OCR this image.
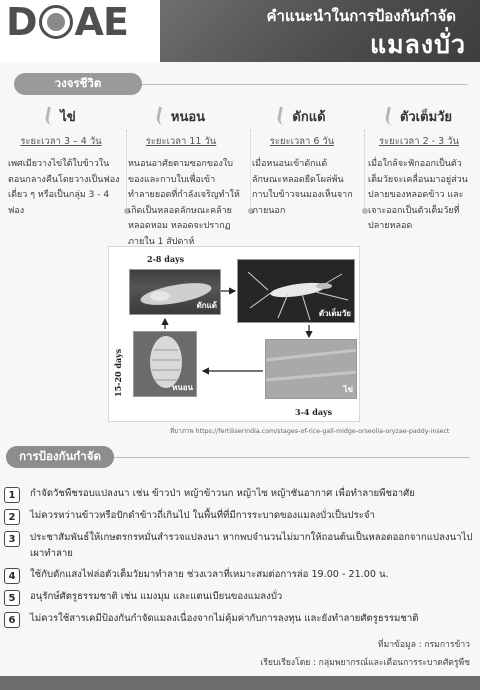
D AE	คำแนะนำในการป้องกันกำจัด
แมลงบั่ว
วงจรชีวิต
ไข่
ระยะเวลา 3 – 4 วัน
เพศเมียวางไข่ใต้ใบข้าวในตอนกลางคืนโดยวางเป็นฟองเดี่ยว ๆ หรือเป็นกลุ่ม 3 - 4 ฟอง
หนอน
ระยะเวลา 11 วัน
หนอนอาศัยตามซอกของใบ ของและกาบใบเพื่อเข้าทำลายยอดที่กำลังเจริญทำให้เกิดเป็นหลอดลักษณะคล้ายหลอดหอม หลอดจะปรากฏภายใน 1 สัปดาห์
ดักแด้
ระยะเวลา 6 วัน
เมื่อหนอนเข้าดักแด้ ลักษณะหลอดยืดโผล่พ้นกาบใบข้าวจนมองเห็นจากภายนอก
ตัวเต็มวัย
ระยะเวลา 2 - 3 วัน
เมื่อใกล้จะฟักออกเป็นตัวเต็มวัยจะเคลื่อนมาอยู่ส่วนปลายของหลอดข้าว และเจาะออกเป็นตัวเต็มวัยที่ปลายหลอด
2-8 days
ดักแด้
ตัวเต็มวัย
15-20 days	หนอน	ไข่
3-4 days
ที่มาภาพ https://fertiliserindia.com/stages-of-rice-gall-midge-orseolia-oryzae-paddy-insect
การป้องกันกำจัด
1	กำจัดวัชพืชรอบแปลงนา เช่น ข้าวป่า หญ้าข้าวนก หญ้าไซ หญ้าชันอากาศ เพื่อทำลายพืชอาศัย
2	ไม่ควรหว่านข้าวหรือปักดำข้าวถี่เกินไป ในพื้นที่ที่มีการระบาดของแมลงบั่วเป็นประจำ
3	ประชาสัมพันธ์ให้เกษตรกรหมั่นสำรวจแปลงนา หากพบจำนวนไม่มากให้ถอนต้นเป็นหลอดออกจากแปลงนาไปเผาทำลาย
4	ใช้กับดักแสงไฟล่อตัวเต็มวัยมาทำลาย ช่วงเวลาที่เหมาะสมต่อการล่อ 19.00 - 21.00 น.
5	อนุรักษ์ศัตรูธรรมชาติ เช่น แมงมุม และแตนเบียนของแมลงบั่ว
6	ไม่ควรใช้สารเคมีป้องกันกำจัดแมลงเนื่องจากไม่คุ้มค่ากับการลงทุน และยังทำลายศัตรูธรรมชาติ
ที่มาข้อมูล : กรมการข้าว
เรียบเรียงโดย : กลุ่มพยากรณ์และเตือนการระบาดศัตรูพืช
